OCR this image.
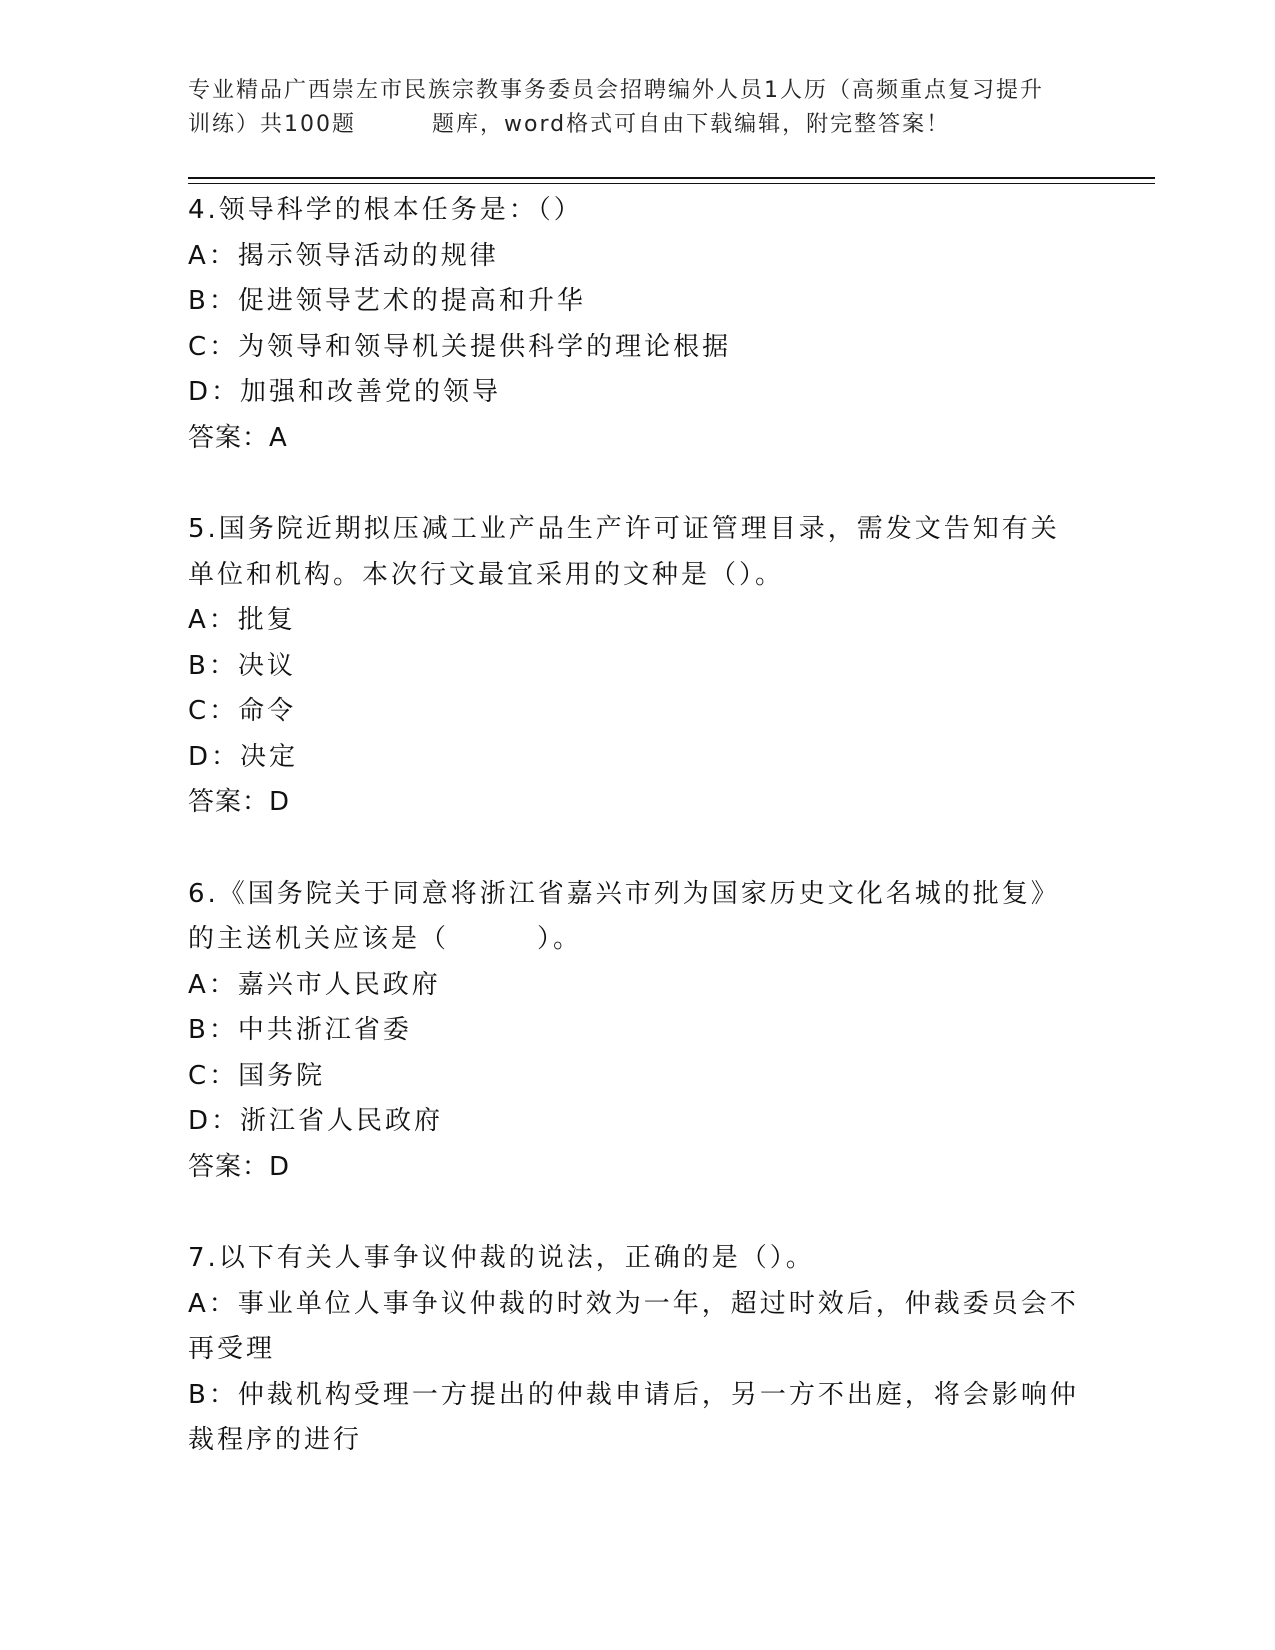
专业精品广西崇左市民族宗教事务委员会招聘编外人员1人历（高频重点复习提升
训练）共100题	题库，word格式可自由下载编辑，附完整答案！
4.领导科学的根本任务是：（）
A：揭示领导活动的规律
B：促进领导艺术的提高和升华
C：为领导和领导机关提供科学的理论根据
D：加强和改善党的领导
答案：A
5.国务院近期拟压减工业产品生产许可证管理目录，需发文告知有关
单位和机构。本次行文最宜采用的文种是（）。
A：批复
B：决议
C：命令
D：决定
答案：D
6.《国务院关于同意将浙江省嘉兴市列为国家历史文化名城的批复》
的主送机关应该是（	）。
A：嘉兴市人民政府
B：中共浙江省委
C：国务院
D：浙江省人民政府
答案：D
7.以下有关人事争议仲裁的说法，正确的是（）。
A：事业单位人事争议仲裁的时效为一年，超过时效后，仲裁委员会不
再受理
B：仲裁机构受理一方提出的仲裁申请后，另一方不出庭，将会影响仲
裁程序的进行
